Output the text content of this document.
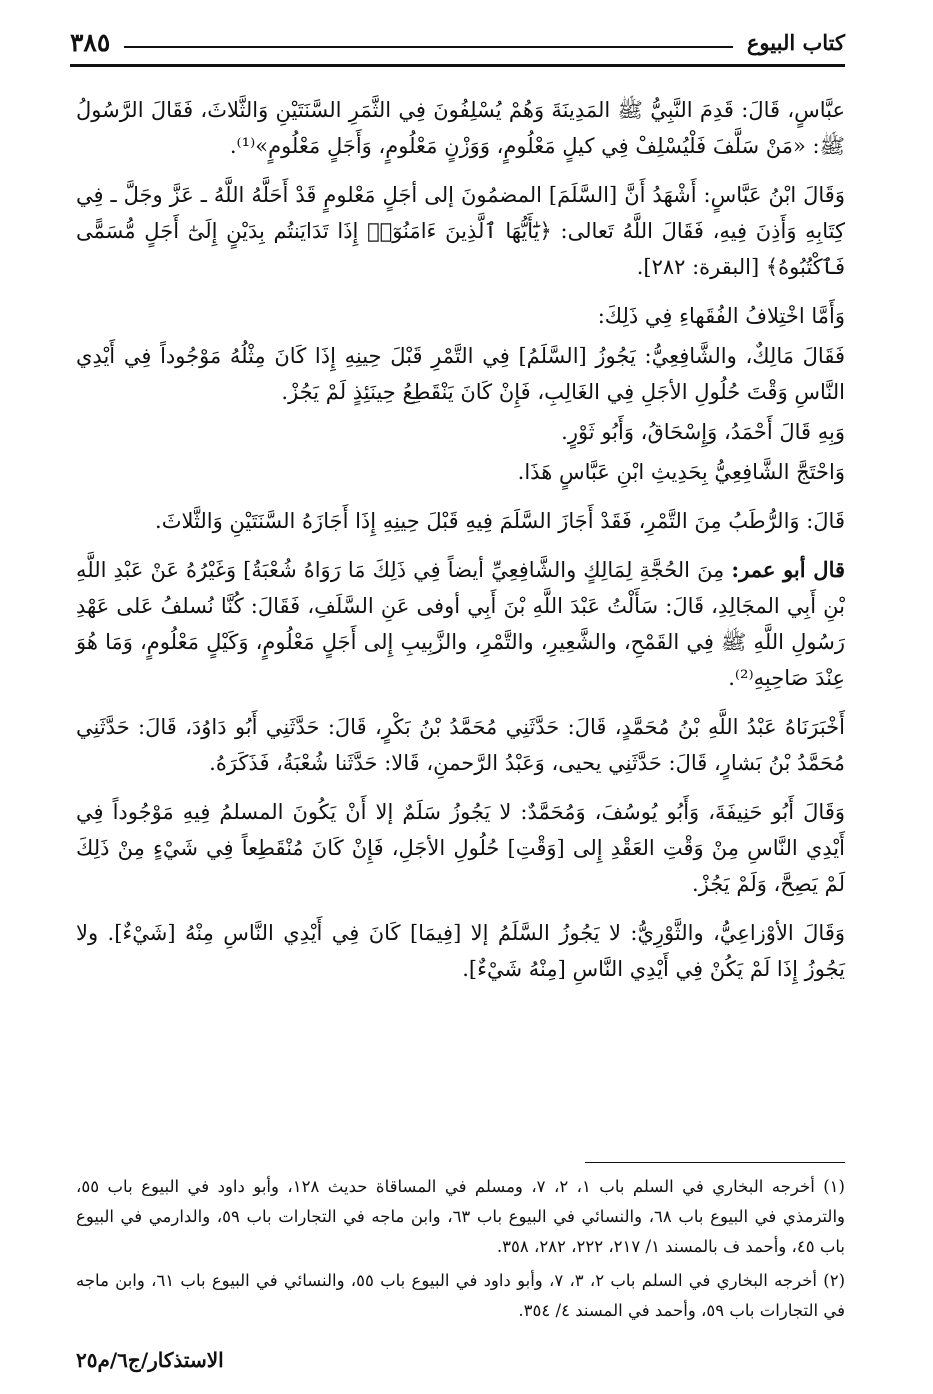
كتاب البيوع
٣٨٥

عبَّاسٍ، قَالَ: قَدِمَ النَّبِيُّ ﷺ المَدِينَةَ وَهُمْ يُسْلِفُونَ فِي الثَّمَرِ السَّنَتَيْنِ وَالثَّلاثَ، فَقَالَ الرَّسُولُ ﷺ: «مَنْ سَلَّفَ فَلْيُسْلِفْ فِي كيلٍ مَعْلُومٍ، وَوَزْنٍ مَعْلُومٍ، وَأَجَلٍ مَعْلُومٍ»⁽¹⁾.

وَقَالَ ابْنُ عَبَّاسٍ: أَشْهَدُ أَنَّ [السَّلَمَ] المضمُونَ إلى أجَلٍ مَعْلومٍ قَدْ أَحَلَّهُ اللَّهُ ـ عَزَّ وجَلَّ ـ فِي كِتَابِهِ وَأَذِنَ فِيهِ، فَقَالَ اللَّهُ تَعالى: ﴿يَٰٓأَيُّهَا ٱلَّذِينَ ءَامَنُوٓا۟ إِذَا تَدَايَنتُم بِدَيْنٍ إِلَىٰٓ أَجَلٍ مُّسَمًّى فَٱكْتُبُوهُ﴾ [البقرة: ٢٨٢].

وَأَمَّا اخْتِلافُ الفُقَهاءِ فِي ذَلِكَ:

فَقَالَ مَالِكٌ، والشَّافِعِيُّ: يَجُوزُ [السَّلَمُ] فِي التَّمْرِ قَبْلَ حِينِهِ إِذَا كَانَ مِثْلُهُ مَوْجُوداً فِي أَيْدِي النَّاسِ وَقْتَ حُلُولِ الأجَلِ فِي الغَالِبِ، فَإِنْ كَانَ يَنْقَطِعُ حِينَئِذٍ لَمْ يَجُزْ.

وَبِهِ قَالَ أَحْمَدُ، وَإِسْحَاقُ، وَأَبُو ثَوْرٍ.

وَاحْتَجَّ الشَّافِعِيُّ بِحَدِيثِ ابْنِ عَبَّاسٍ هَذَا.

قَالَ: وَالرُّطَبُ مِنَ التَّمْرِ، فَقَدْ أَجَازَ السَّلَمَ فِيهِ قَبْلَ حِينِهِ إِذَا أَجَازَهُ السَّنَتَيْنِ وَالثَّلاثَ.

قال أبو عمر: مِنَ الحُجَّةِ لِمَالِكٍ والشَّافِعِيِّ أيضاً فِي ذَلِكَ مَا رَوَاهُ شُعْبَةُ] وَغَيْرُهُ عَنْ عَبْدِ اللَّهِ بْنِ أَبِي المجَالِدِ، قَالَ: سَأَلْتُ عَبْدَ اللَّهِ بْنَ أَبِي أوفى عَنِ السَّلَفِ، فَقَالَ: كُنَّا نُسلفُ عَلى عَهْدِ رَسُولِ اللَّهِ ﷺ فِي القَمْحِ، والشَّعِيرِ، والتَّمْرِ، والزَّبِيبِ إِلى أَجَلٍ مَعْلُومٍ، وَكَيْلٍ مَعْلُومٍ، وَمَا هُوَ عِنْدَ صَاحِبِهِ⁽²⁾.

أَخْبَرَنَاهُ عَبْدُ اللَّهِ بْنُ مُحَمَّدٍ، قَالَ: حَدَّثَنِي مُحَمَّدُ بْنُ بَكْرٍ، قَالَ: حَدَّثَنِي أَبُو دَاوُدَ، قَالَ: حَدَّثَنِي مُحَمَّدُ بْنُ بَشارٍ، قَالَ: حَدَّثَنِي يحيى، وَعَبْدُ الرَّحمنِ، قَالا: حَدَّثَنا شُعْبَةُ، فَذَكَرَهُ.

وَقَالَ أَبُو حَنِيفَةَ، وَأَبُو يُوسُفَ، وَمُحَمَّدٌ: لا يَجُوزُ سَلَمٌ إلا أَنْ يَكُونَ المسلمُ فِيهِ مَوْجُوداً فِي أَيْدِي النَّاسِ مِنْ وَقْتِ العَقْدِ إِلى [وَقْتِ] حُلُولِ الأجَلِ، فَإِنْ كَانَ مُنْقَطِعاً فِي شَيْءٍ مِنْ ذَلِكَ لَمْ يَصِحَّ، وَلَمْ يَجُزْ.

وَقَالَ الأوْزاعِيُّ، والثَّوْرِيُّ: لا يَجُوزُ السَّلَمُ إلا [فِيمَا] كَانَ فِي أَيْدِي النَّاسِ مِنْهُ [شَيْءٌ]. ولا يَجُوزُ إِذَا لَمْ يَكُنْ فِي أَيْدِي النَّاسِ [مِنْهُ شَيْءٌ].

(١) أخرجه البخاري في السلم باب ١، ٢، ٧، ومسلم في المساقاة حديث ١٢٨، وأبو داود في البيوع باب ٥٥، والترمذي في البيوع باب ٦٨، والنسائي في البيوع باب ٦٣، وابن ماجه في التجارات باب ٥٩، والدارمي في البيوع باب ٤٥، وأحمد ف بالمسند ١/ ٢١٧، ٢٢٢، ٢٨٢، ٣٥٨.

(٢) أخرجه البخاري في السلم باب ٢، ٣، ٧، وأبو داود في البيوع باب ٥٥، والنسائي في البيوع باب ٦١، وابن ماجه في التجارات باب ٥٩، وأحمد في المسند ٤/ ٣٥٤.

الاستذكار/ج٦/م٢٥
